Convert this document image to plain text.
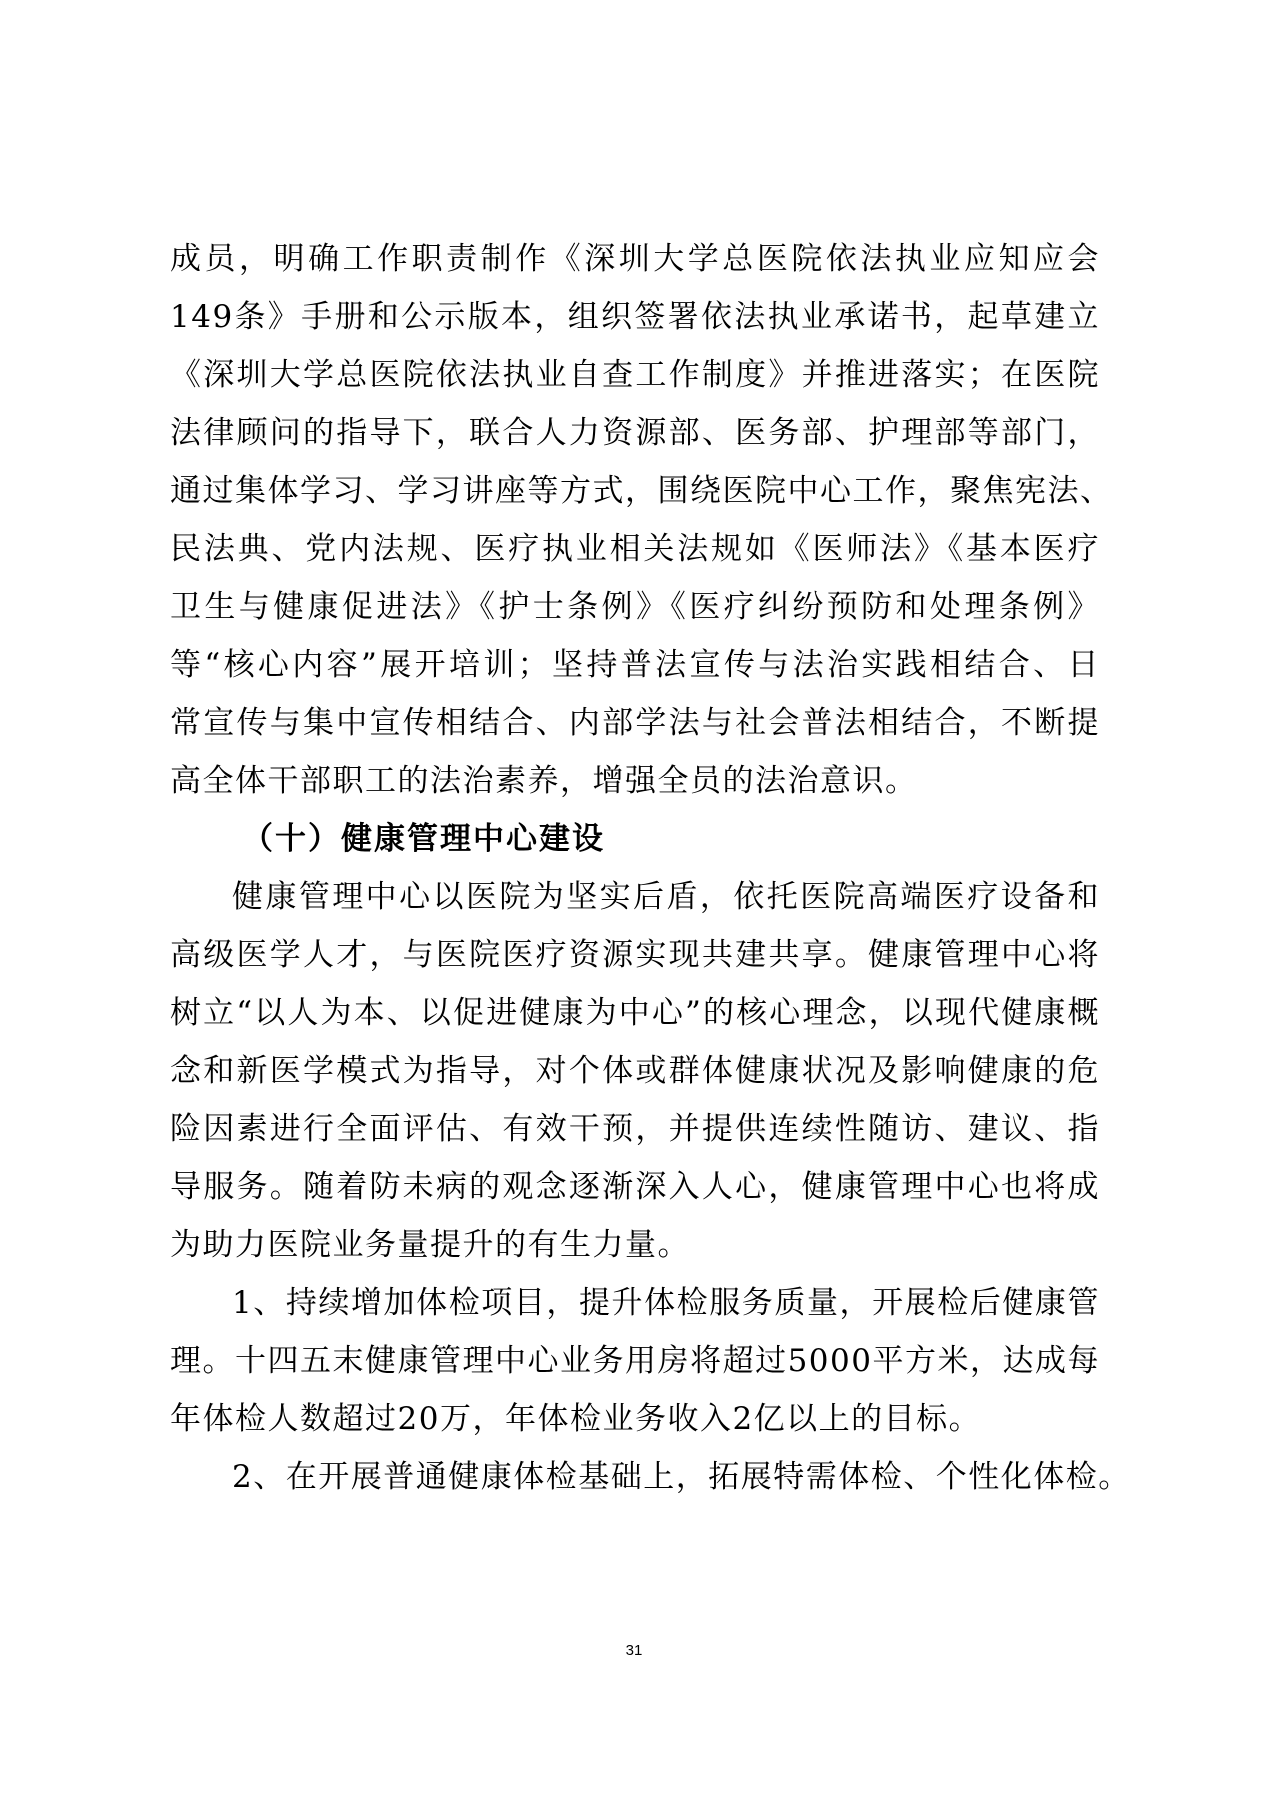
成员，明确工作职责制作《深圳大学总医院依法执业应知应会
149条》手册和公示版本，组织签署依法执业承诺书，起草建立
《深圳大学总医院依法执业自查工作制度》并推进落实；在医院
法律顾问的指导下，联合人力资源部、医务部、护理部等部门，
通过集体学习、学习讲座等方式，围绕医院中心工作，聚焦宪法、
民法典、党内法规、医疗执业相关法规如《医师法》《基本医疗
卫生与健康促进法》《护士条例》《医疗纠纷预防和处理条例》
等“核心内容”展开培训；坚持普法宣传与法治实践相结合、日
常宣传与集中宣传相结合、内部学法与社会普法相结合，不断提
高全体干部职工的法治素养，增强全员的法治意识。
（十）健康管理中心建设
健康管理中心以医院为坚实后盾，依托医院高端医疗设备和
高级医学人才，与医院医疗资源实现共建共享。健康管理中心将
树立“以人为本、以促进健康为中心”的核心理念，以现代健康概
念和新医学模式为指导，对个体或群体健康状况及影响健康的危
险因素进行全面评估、有效干预，并提供连续性随访、建议、指
导服务。随着防未病的观念逐渐深入人心，健康管理中心也将成
为助力医院业务量提升的有生力量。
1、持续增加体检项目，提升体检服务质量，开展检后健康管
理。十四五末健康管理中心业务用房将超过5000平方米，达成每
年体检人数超过20万，年体检业务收入2亿以上的目标。
2、在开展普通健康体检基础上，拓展特需体检、个性化体检。
31
